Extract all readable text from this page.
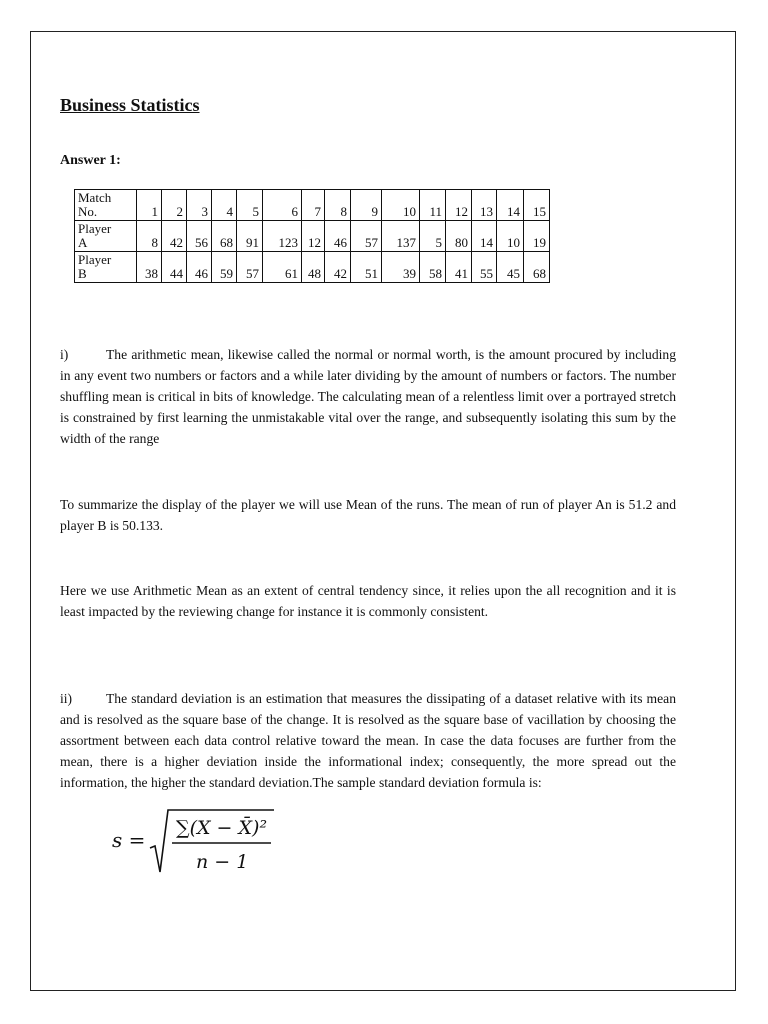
Business Statistics

Answer 1:

Match
No.	1	2	3	4	5	6	7	8	9	10	11	12	13	14	15

Player
A	8	42	56	68	91	123	12	46	57	137	5	80	14	10	19

Player
B	38	44	46	59	57	61	48	42	51	39	58	41	55	45	68

i)	The arithmetic mean, likewise called the normal or normal worth, is the amount procured by including in any event two numbers or factors and a while later dividing by the amount of numbers or factors. The number shuffling mean is critical in bits of knowledge. The calculating mean of a relentless limit over a portrayed stretch is constrained by first learning the unmistakable vital over the range, and subsequently isolating this sum by the width of the range

To summarize the display of the player we will use Mean of the runs. The mean of run of player An is 51.2 and player B is 50.133.

Here we use Arithmetic Mean as an extent of central tendency since, it relies upon the all recognition and it is least impacted by the reviewing change for instance it is commonly consistent.

ii) The standard deviation is an estimation that measures the dissipating of a dataset relative with its mean and is resolved as the square base of the change. It is resolved as the square base of vacillation by choosing the assortment between each data control relative toward the mean. In case the data focuses are further from the mean, there is a higher deviation inside the informational index; consequently, the more spread out the information, the higher the standard deviation.The sample standard deviation formula is:

s = ∑(X − X̄)²
n − 1
